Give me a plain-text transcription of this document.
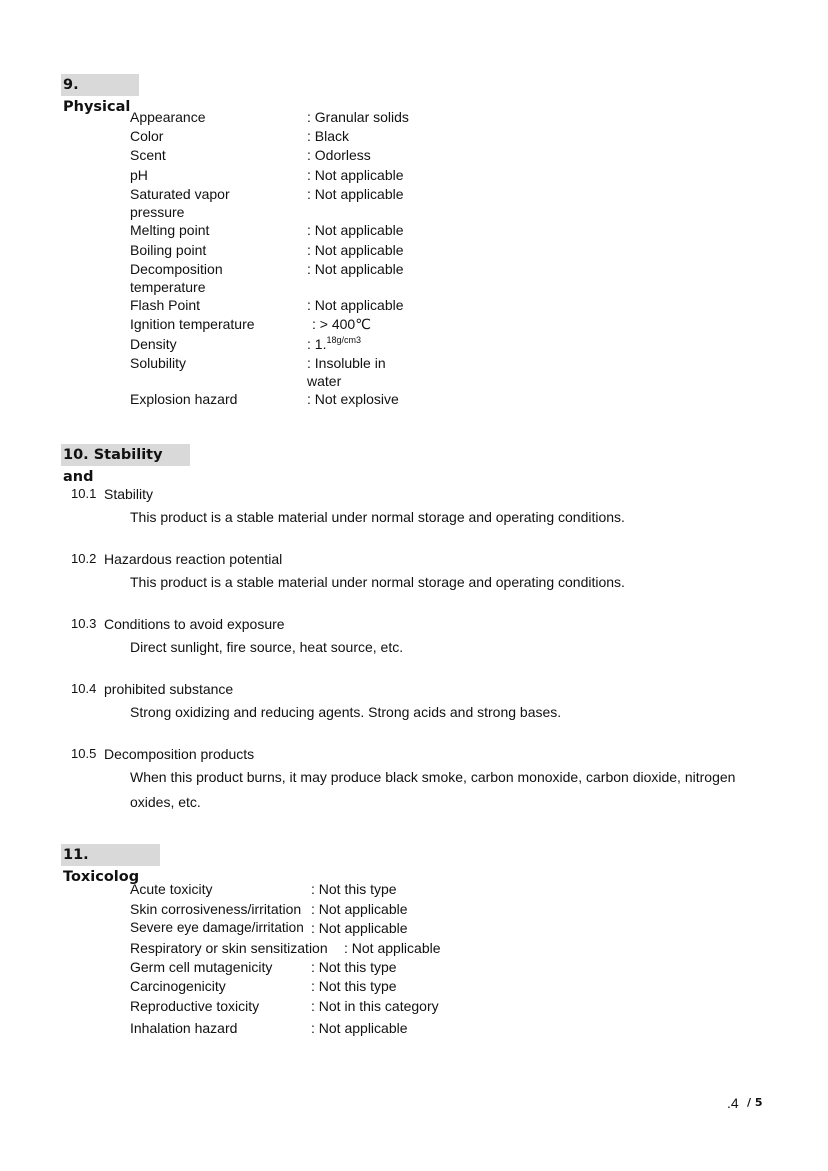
9. Physical
Appearance	: Granular solids
Color	: Black
Scent	: Odorless
pH	: Not applicable
Saturated vapor pressure
: Not applicable
Melting point	: Not applicable
Boiling point	: Not applicable
Decomposition temperature
: Not applicable
Flash Point	: Not applicable
Ignition temperature	: > 400℃
Density	: 1.$^{18g/cm3}$
Solubility	: Insoluble in water
Explosion hazard	: Not explosive
10. Stability and
10.1 Stability
This product is a stable material under normal storage and operating conditions.
10.2 Hazardous reaction potential
This product is a stable material under normal storage and operating conditions.
10.3 Conditions to avoid exposure
Direct sunlight, fire source, heat source, etc.
10.4 prohibited substance
Strong oxidizing and reducing agents. Strong acids and strong bases.
10.5 Decomposition products
When this product burns, it may produce black smoke, carbon monoxide, carbon dioxide, nitrogen oxides, etc.
11. Toxicolog
Acute toxicity	: Not this type
Skin corrosiveness/irritation : Not applicable
Severe eye damage/irritation : Not applicable
Respiratory or skin sensitization : Not applicable
Germ cell mutagenicity	: Not this type
Carcinogenicity	: Not this type
Reproductive toxicity	: Not in this category
Inhalation hazard	: Not applicable
.4 / 5
